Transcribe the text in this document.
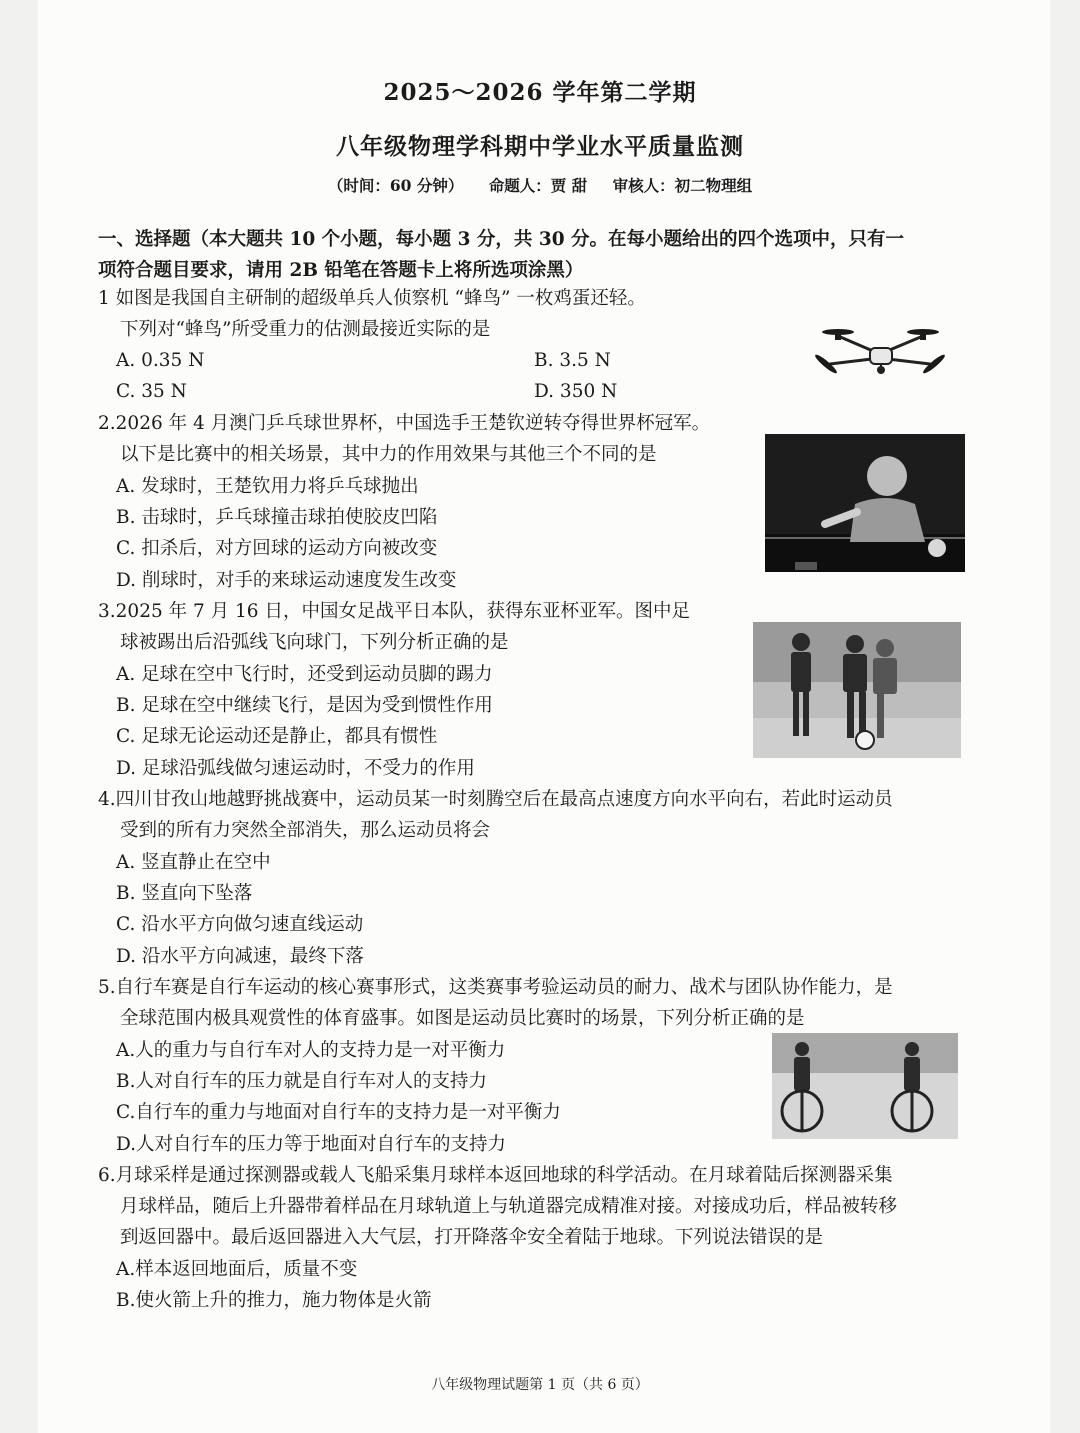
2025～2026 学年第二学期
八年级物理学科期中学业水平质量监测
（时间：60 分钟） 命题人：贾 甜 审核人：初二物理组
一、选择题（本大题共 10 个小题，每小题 3 分，共 30 分。在每小题给出的四个选项中，只有一
项符合题目要求，请用 2B 铅笔在答题卡上将所选项涂黑）
1 如图是我国自主研制的超级单兵人侦察机 “蜂鸟” 一枚鸡蛋还轻。
下列对“蜂鸟”所受重力的估测最接近实际的是
A. 0.35 N	B. 3.5 N
C. 35 N	D. 350 N
2.2026 年 4 月澳门乒乓球世界杯，中国选手王楚钦逆转夺得世界杯冠军。
以下是比赛中的相关场景，其中力的作用效果与其他三个不同的是
A. 发球时，王楚钦用力将乒乓球抛出
B. 击球时，乒乓球撞击球拍使胶皮凹陷
C. 扣杀后，对方回球的运动方向被改变
D. 削球时，对手的来球运动速度发生改变
3.2025 年 7 月 16 日，中国女足战平日本队，获得东亚杯亚军。图中足
球被踢出后沿弧线飞向球门，下列分析正确的是
A. 足球在空中飞行时，还受到运动员脚的踢力
B. 足球在空中继续飞行，是因为受到惯性作用
C. 足球无论运动还是静止，都具有惯性
D. 足球沿弧线做匀速运动时，不受力的作用
4.四川甘孜山地越野挑战赛中，运动员某一时刻腾空后在最高点速度方向水平向右，若此时运动员
受到的所有力突然全部消失，那么运动员将会
A. 竖直静止在空中
B. 竖直向下坠落
C. 沿水平方向做匀速直线运动
D. 沿水平方向减速，最终下落
5.自行车赛是自行车运动的核心赛事形式，这类赛事考验运动员的耐力、战术与团队协作能力，是
全球范围内极具观赏性的体育盛事。如图是运动员比赛时的场景，下列分析正确的是
A.人的重力与自行车对人的支持力是一对平衡力
B.人对自行车的压力就是自行车对人的支持力
C.自行车的重力与地面对自行车的支持力是一对平衡力
D.人对自行车的压力等于地面对自行车的支持力
6.月球采样是通过探测器或载人飞船采集月球样本返回地球的科学活动。在月球着陆后探测器采集
月球样品，随后上升器带着样品在月球轨道上与轨道器完成精准对接。对接成功后，样品被转移
到返回器中。最后返回器进入大气层，打开降落伞安全着陆于地球。下列说法错误的是
A.样本返回地面后，质量不变
B.使火箭上升的推力，施力物体是火箭
八年级物理试题第 1 页（共 6 页）
